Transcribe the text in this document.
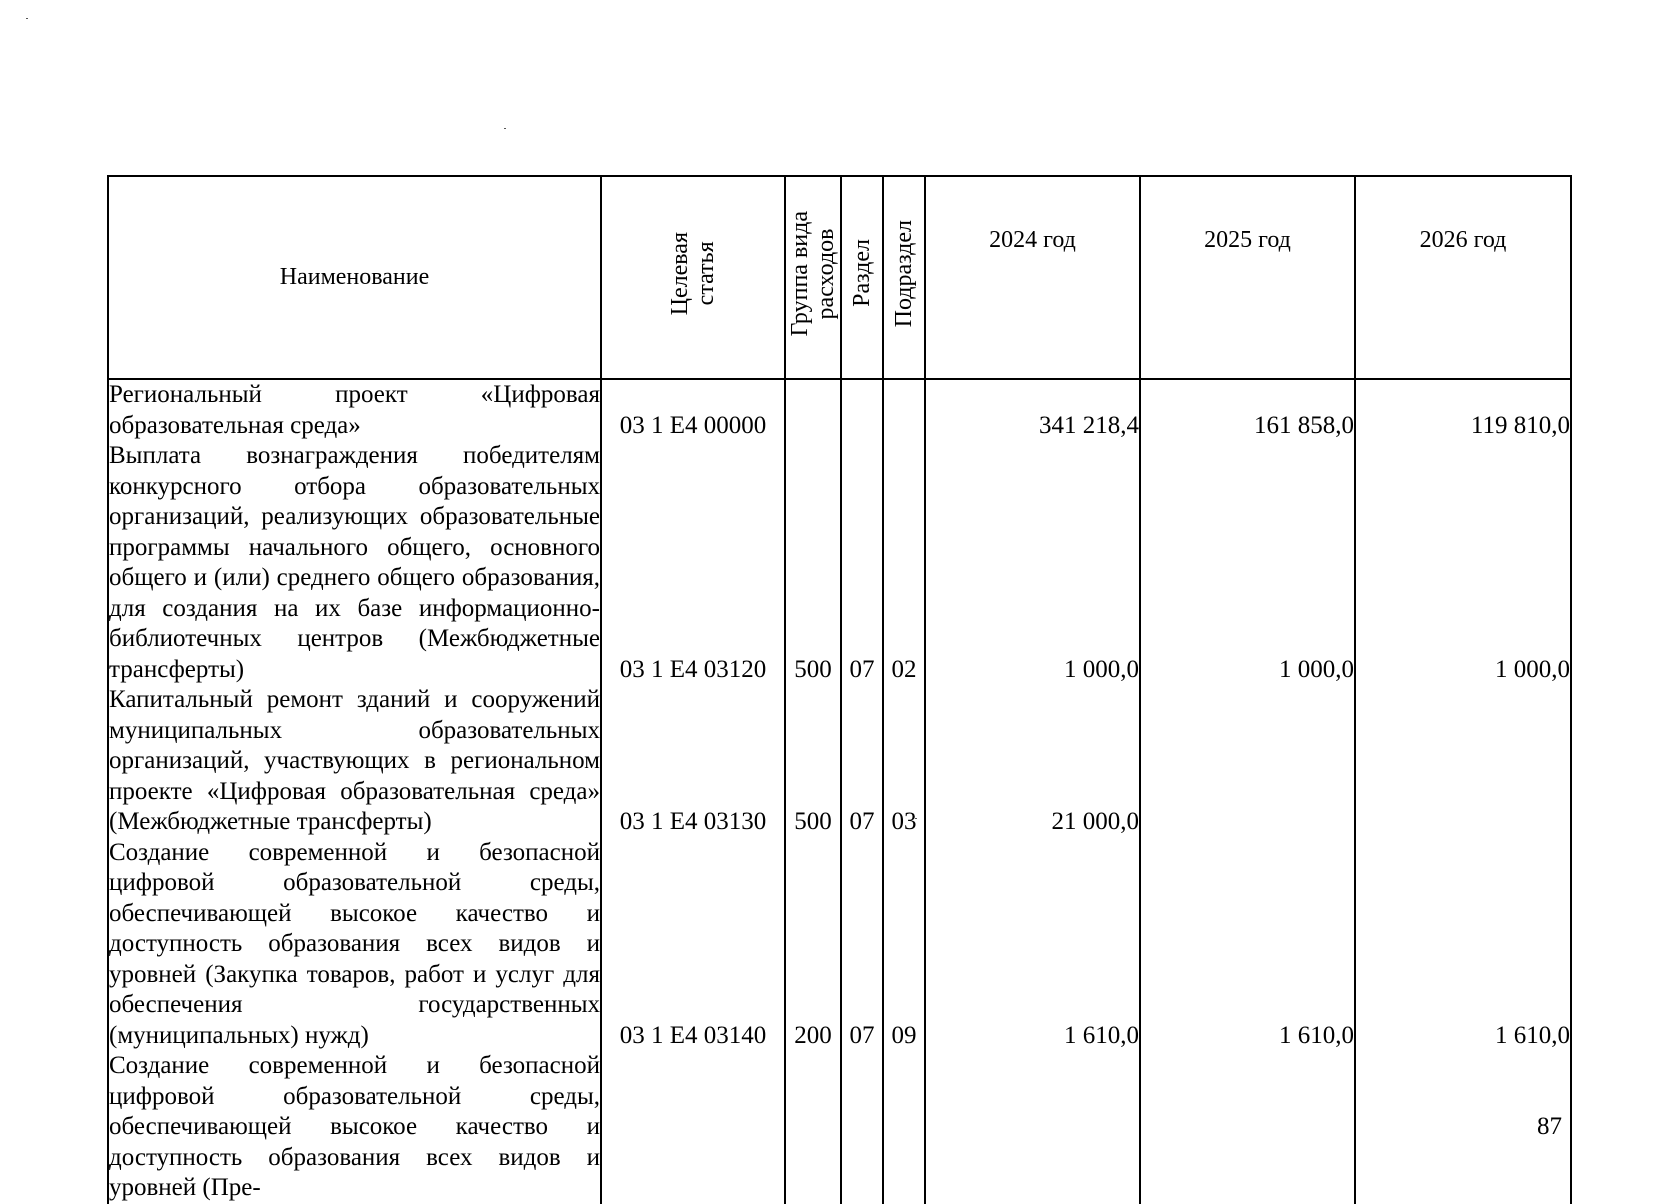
Наименование	Целевая
статья	Группа вида
расходов	Раздел	Подраздел	2024 год	2025 год	2026 год

Региональный проект «Цифровая образовательная среда»	03 1 Е4 00000				341 218,4	161 858,0	119 810,0

Выплата вознаграждения победителям конкурсного отбора образовательных организаций, реализующих образовательные программы начального общего, основного общего и (или) среднего общего образования, для создания на их базе информационно-библиотечных центров (Межбюджетные трансферты)	03 1 Е4 03120	500	07	02	1 000,0	1 000,0	1 000,0

Капитальный ремонт зданий и сооружений муниципальных образовательных организаций, участвующих в региональном проекте «Цифровая образовательная среда» (Межбюджетные трансферты)	03 1 Е4 03130	500	07	03	21 000,0		

Создание современной и безопасной цифровой образовательной среды, обеспечивающей высокое качество и доступность образования всех видов и уровней (Закупка товаров, работ и услуг для обеспечения государственных (муниципальных) нужд)	03 1 Е4 03140	200	07	09	1 610,0	1 610,0	1 610,0

Создание современной и безопасной цифровой образовательной среды, обеспечивающей высокое качество и доступность образования всех видов и уровней (Пре-							

87
